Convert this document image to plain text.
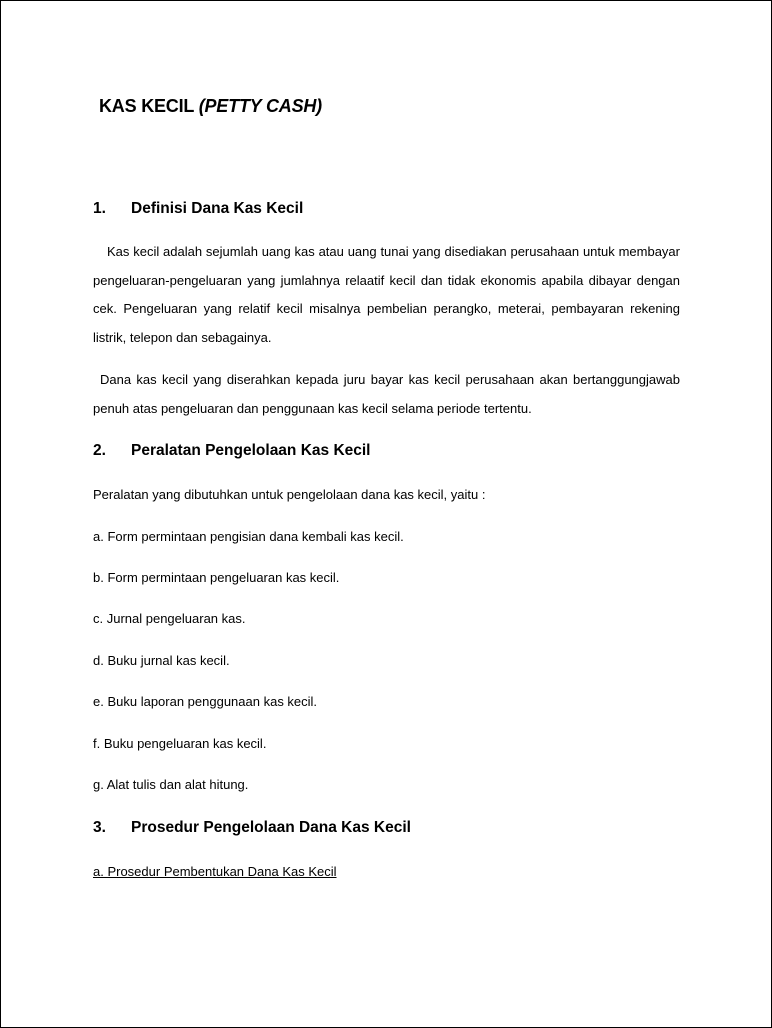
KAS KECIL (PETTY CASH)
1. Definisi Dana Kas Kecil
Kas kecil adalah sejumlah uang kas atau uang tunai yang disediakan perusahaan untuk membayar pengeluaran-pengeluaran yang jumlahnya relaatif kecil dan tidak ekonomis apabila dibayar dengan cek. Pengeluaran yang relatif kecil misalnya pembelian perangko, meterai, pembayaran rekening listrik, telepon dan sebagainya.
Dana kas kecil yang diserahkan kepada juru bayar kas kecil perusahaan akan bertanggungjawab penuh atas pengeluaran dan penggunaan kas kecil selama periode tertentu.
2. Peralatan Pengelolaan Kas Kecil
Peralatan yang dibutuhkan untuk pengelolaan dana kas kecil, yaitu :
a. Form permintaan pengisian dana kembali kas kecil.
b. Form permintaan pengeluaran kas kecil.
c. Jurnal pengeluaran kas.
d. Buku jurnal kas kecil.
e. Buku laporan penggunaan kas kecil.
f. Buku pengeluaran kas kecil.
g. Alat tulis dan alat hitung.
3. Prosedur Pengelolaan Dana Kas Kecil
a. Prosedur Pembentukan Dana Kas Kecil
